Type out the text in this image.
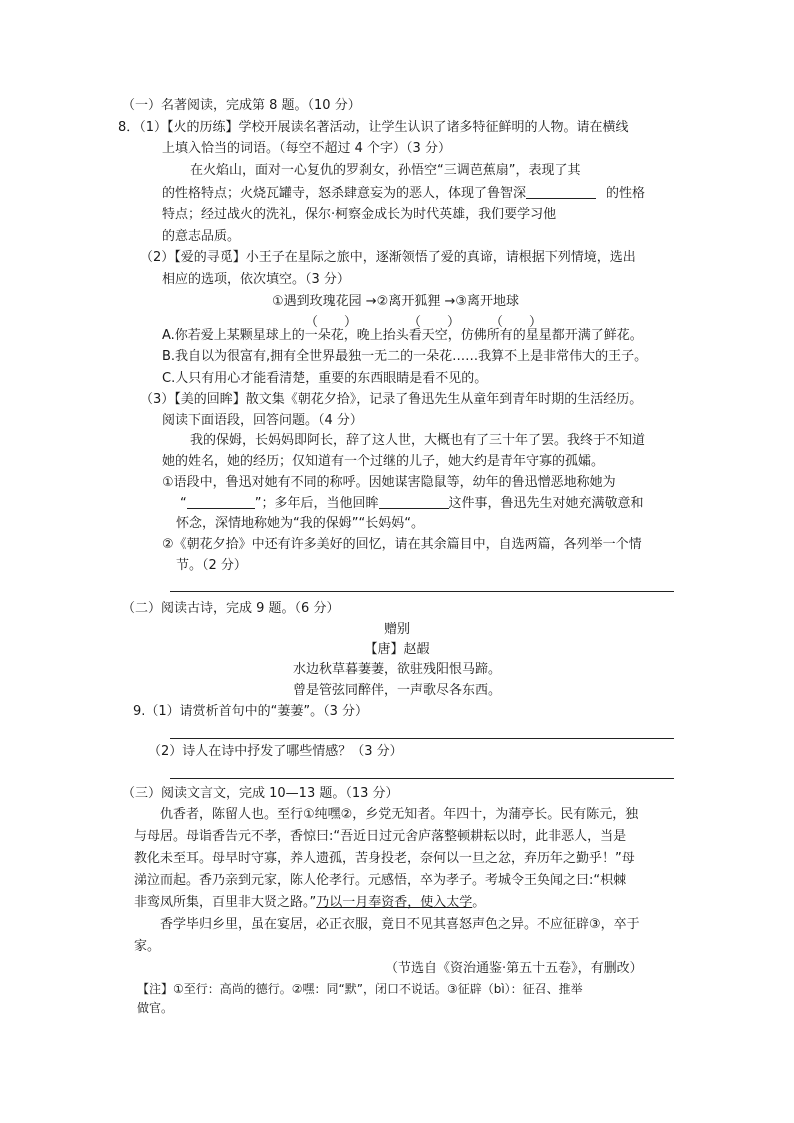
（一）名著阅读，完成第 8 题。（10 分）
8．（1）【火的历练】学校开展读名著活动，让学生认识了诸多特征鲜明的人物。请在横线
上填入恰当的词语。（每空不超过 4 个字）（3 分）
在火焰山，面对一心复仇的罗刹女，孙悟空“三调芭蕉扇”，表现了其
的性格特点；火烧瓦罐寺，怒杀肆意妄为的恶人，体现了鲁智深	的性格
特点；经过战火的洗礼，保尔·柯察金成长为时代英雄，我们要学习他
的意志品质。
（2）【爱的寻觅】小王子在星际之旅中，逐渐领悟了爱的真谛，请根据下列情境，选出
相应的选项，依次填空。（3 分）
①遇到玫瑰花园 →②离开狐狸 →③离开地球
（　　）	（　　） （　　）
A.你若爱上某颗星球上的一朵花，晚上抬头看天空，仿佛所有的星星都开满了鲜花。
B.我自以为很富有,拥有全世界最独一无二的一朵花……我算不上是非常伟大的王子。
C.人只有用心才能看清楚，重要的东西眼睛是看不见的。
（3）【美的回眸】散文集《朝花夕拾》，记录了鲁迅先生从童年到青年时期的生活经历。
阅读下面语段，回答问题。（4 分）
我的保姆，长妈妈即阿长，辞了这人世，大概也有了三十年了罢。我终于不知道
她的姓名，她的经历；仅知道有一个过继的儿子，她大约是青年守寡的孤孀。
①语段中，鲁迅对她有不同的称呼。因她谋害隐鼠等，幼年的鲁迅憎恶地称她为
“	”；多年后，当他回眸	这件事，鲁迅先生对她充满敬意和
怀念，深情地称她为“我的保姆”“长妈妈“。
②《朝花夕拾》中还有许多美好的回忆，请在其余篇目中，自选两篇，各列举一个情
节。（2 分）
（二）阅读古诗，完成 9 题。（6 分）
赠别
【唐】赵嘏
水边秋草暮萋萋，欲驻残阳恨马蹄。
曾是管弦同醉伴，一声歌尽各东西。
9.（1）请赏析首句中的“萋萋”。（3 分）
（2）诗人在诗中抒发了哪些情感？（3 分）
（三）阅读文言文，完成 10—13 题。（13 分）
仇香者，陈留人也。至行①纯嘿②，乡党无知者。年四十，为蒲亭长。民有陈元，独
与母居。母诣香告元不孝，香惊曰:“吾近日过元舍庐落整顿耕耘以时，此非恶人，当是
教化未至耳。母早时守寡，养人遗孤，苦身投老，奈何以一旦之忿，弃历年之勤乎！”母
涕泣而起。香乃亲到元家，陈人伦孝行。元感悟，卒为孝子。考城令王奂闻之曰:“枳棘
非鸾凤所集，百里非大贤之路。”乃以一月奉资香，使入太学。
香学毕归乡里，虽在宴居，必正衣服，竟日不见其喜怒声色之异。不应征辟③，卒于
家。
（节选自《资治通鉴·第五十五卷》，有删改）
【注】①至行：高尚的德行。②嘿：同“默”，闭口不说话。③征辟（bì）：征召、推举
做官。
